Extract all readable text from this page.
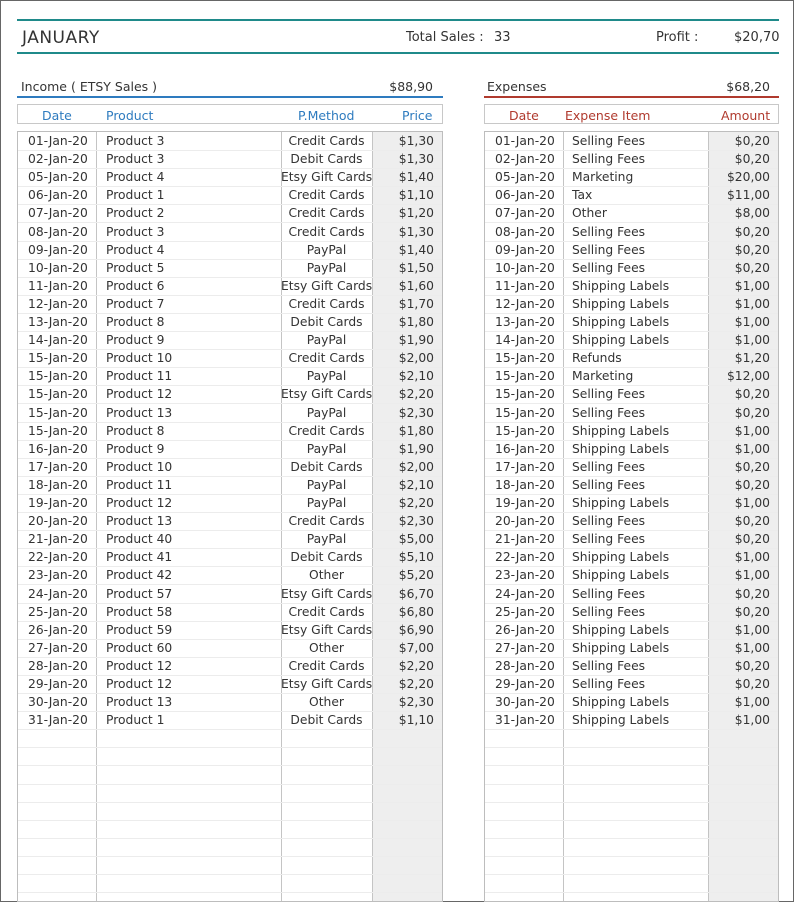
JANUARY	Total Sales : 33	Profit :	$20,70
Income ( ETSY Sales )	$88,90
Date	Product	P.Method	Price
01-Jan-20 Product 3	Credit Cards	$1,30
02-Jan-20 Product 3	Debit Cards	$1,30
05-Jan-20 Product 4	Etsy Gift Cards	$1,40
06-Jan-20 Product 1	Credit Cards	$1,10
07-Jan-20 Product 2	Credit Cards	$1,20
08-Jan-20 Product 3	Credit Cards	$1,30
09-Jan-20 Product 4	PayPal	$1,40
10-Jan-20 Product 5	PayPal	$1,50
11-Jan-20 Product 6	Etsy Gift Cards	$1,60
12-Jan-20 Product 7	Credit Cards	$1,70
13-Jan-20 Product 8	Debit Cards	$1,80
14-Jan-20 Product 9	PayPal	$1,90
15-Jan-20 Product 10	Credit Cards	$2,00
15-Jan-20 Product 11	PayPal	$2,10
15-Jan-20 Product 12	Etsy Gift Cards	$2,20
15-Jan-20 Product 13	PayPal	$2,30
15-Jan-20 Product 8	Credit Cards	$1,80
16-Jan-20 Product 9	PayPal	$1,90
17-Jan-20 Product 10	Debit Cards	$2,00
18-Jan-20 Product 11	PayPal	$2,10
19-Jan-20 Product 12	PayPal	$2,20
20-Jan-20 Product 13	Credit Cards	$2,30
21-Jan-20 Product 40	PayPal	$5,00
22-Jan-20 Product 41	Debit Cards	$5,10
23-Jan-20 Product 42	Other	$5,20
24-Jan-20 Product 57	Etsy Gift Cards	$6,70
25-Jan-20 Product 58	Credit Cards	$6,80
26-Jan-20 Product 59	Etsy Gift Cards	$6,90
27-Jan-20 Product 60	Other	$7,00
28-Jan-20 Product 12	Credit Cards	$2,20
29-Jan-20 Product 12	Etsy Gift Cards	$2,20
30-Jan-20 Product 13	Other	$2,30
31-Jan-20 Product 1	Debit Cards	$1,10
Expenses	$68,20
Date Expense Item	Amount
01-Jan-20 Selling Fees	$0,20
02-Jan-20 Selling Fees	$0,20
05-Jan-20 Marketing	$20,00
06-Jan-20 Tax	$11,00
07-Jan-20 Other	$8,00
08-Jan-20 Selling Fees	$0,20
09-Jan-20 Selling Fees	$0,20
10-Jan-20 Selling Fees	$0,20
11-Jan-20 Shipping Labels	$1,00
12-Jan-20 Shipping Labels	$1,00
13-Jan-20 Shipping Labels	$1,00
14-Jan-20 Shipping Labels	$1,00
15-Jan-20 Refunds	$1,20
15-Jan-20 Marketing	$12,00
15-Jan-20 Selling Fees	$0,20
15-Jan-20 Selling Fees	$0,20
15-Jan-20 Shipping Labels	$1,00
16-Jan-20 Shipping Labels	$1,00
17-Jan-20 Selling Fees	$0,20
18-Jan-20 Selling Fees	$0,20
19-Jan-20 Shipping Labels	$1,00
20-Jan-20 Selling Fees	$0,20
21-Jan-20 Selling Fees	$0,20
22-Jan-20 Shipping Labels	$1,00
23-Jan-20 Shipping Labels	$1,00
24-Jan-20 Selling Fees	$0,20
25-Jan-20 Selling Fees	$0,20
26-Jan-20 Shipping Labels	$1,00
27-Jan-20 Shipping Labels	$1,00
28-Jan-20 Selling Fees	$0,20
29-Jan-20 Selling Fees	$0,20
30-Jan-20 Shipping Labels	$1,00
31-Jan-20 Shipping Labels	$1,00
